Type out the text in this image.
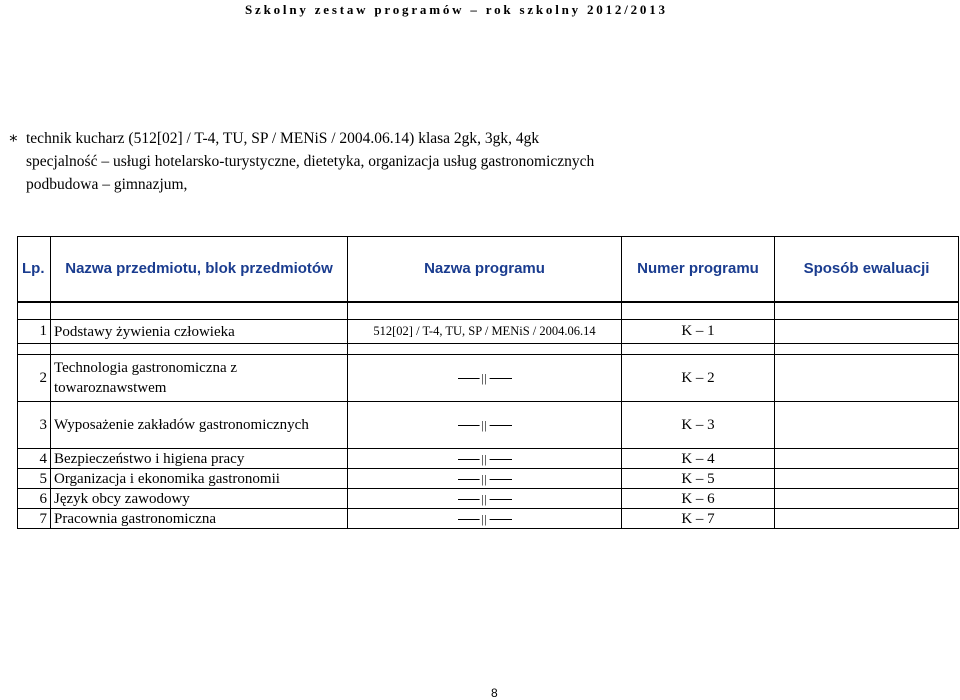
Szkolny zestaw programów – rok szkolny 2012/2013
∗ technik kucharz (512[02] / T-4, TU, SP / MENiS / 2004.06.14) klasa 2gk, 3gk, 4gk
specjalność – usługi hotelarsko-turystyczne, dietetyka, organizacja usług gastronomicznych
podbudowa – gimnazjum,
Lp.	Nazwa przedmiotu, blok przedmiotów	Nazwa programu	Numer programu	Sposób ewaluacji

1	Podstawy żywienia człowieka	512[02] / T-4, TU, SP / MENiS / 2004.06.14	K – 1	

2	Technologia gastronomiczna z towaroznawstwem	||	K – 2	
3	Wyposażenie zakładów gastronomicznych	||	K – 3	
4	Bezpieczeństwo i higiena pracy	||	K – 4	
5	Organizacja i ekonomika gastronomii	||	K – 5	
6	Język obcy zawodowy	||	K – 6	
7	Pracownia gastronomiczna	||	K – 7	
8
